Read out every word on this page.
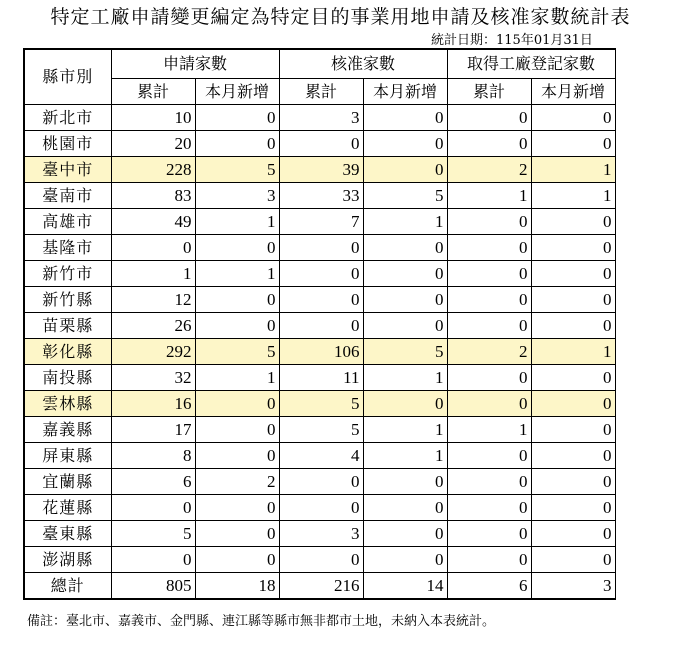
特定工廠申請變更編定為特定目的事業用地申請及核准家數統計表
統計日期：115年01月31日
縣市別	申請家數		核准家數		取得工廠登記家數	
	累計	本月新增	累計	本月新增	累計	本月新增
新北市	10	0	3	0	0	0
桃園市	20	0	0	0	0	0
臺中市	228	5	39	0	2	1
臺南市	83	3	33	5	1	1
高雄市	49	1	7	1	0	0
基隆市	0	0	0	0	0	0
新竹市	1	1	0	0	0	0
新竹縣	12	0	0	0	0	0
苗栗縣	26	0	0	0	0	0
彰化縣	292	5	106	5	2	1
南投縣	32	1	11	1	0	0
雲林縣	16	0	5	0	0	0
嘉義縣	17	0	5	1	1	0
屏東縣	8	0	4	1	0	0
宜蘭縣	6	2	0	0	0	0
花蓮縣	0	0	0	0	0	0
臺東縣	5	0	3	0	0	0
澎湖縣	0	0	0	0	0	0
總計	805	18	216	14	6	3
備註：臺北市、嘉義市、金門縣、連江縣等縣市無非都市土地，未納入本表統計。
